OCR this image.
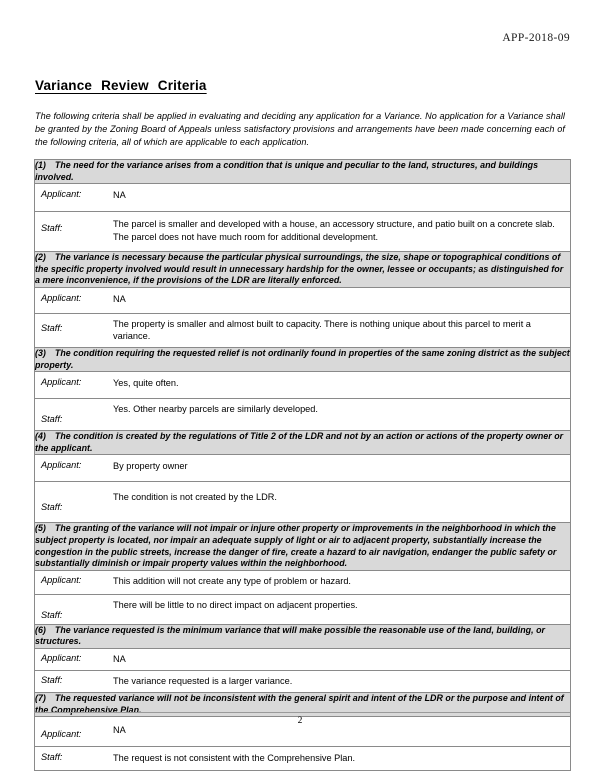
APP-2018-09
Variance Review Criteria
The following criteria shall be applied in evaluating and deciding any application for a Variance. No application for a Variance shall be granted by the Zoning Board of Appeals unless satisfactory provisions and arrangements have been made concerning each of the following criteria, all of which are applicable to each application.
(1) The need for the variance arises from a condition that is unique and peculiar to the land, structures, and buildings involved.

Applicant:	NA

Staff:	The parcel is smaller and developed with a house, an accessory structure, and patio built on a concrete slab. The parcel does not have much room for additional development.

(2) The variance is necessary because the particular physical surroundings, the size, shape or topographical conditions of the specific property involved would result in unnecessary hardship for the owner, lessee or occupants; as distinguished for a mere inconvenience, if the provisions of the LDR are literally enforced.

Applicant:	NA

Staff:	The property is smaller and almost built to capacity. There is nothing unique about this parcel to merit a variance.

(3) The condition requiring the requested relief is not ordinarily found in properties of the same zoning district as the subject property.

Applicant:	Yes, quite often.

Staff:
Yes. Other nearby parcels are similarly developed.

(4) The condition is created by the regulations of Title 2 of the LDR and not by an action or actions of the property owner or the applicant.

Applicant:	By property owner

Staff:
The condition is not created by the LDR.

(5) The granting of the variance will not impair or injure other property or improvements in the neighborhood in which the subject property is located, nor impair an adequate supply of light or air to adjacent property, substantially increase the congestion in the public streets, increase the danger of fire, create a hazard to air navigation, endanger the public safety or substantially diminish or impair property values within the neighborhood.

Applicant:	This addition will not create any type of problem or hazard.

Staff:
There will be little to no direct impact on adjacent properties.

(6) The variance requested is the minimum variance that will make possible the reasonable use of the land, building, or structures.

Applicant:	NA

Staff:	The variance requested is a larger variance.

(7) The requested variance will not be inconsistent with the general spirit and intent of the LDR or the purpose and intent of the Comprehensive Plan.

Applicant:	NA

Staff:	The request is not consistent with the Comprehensive Plan.
2
